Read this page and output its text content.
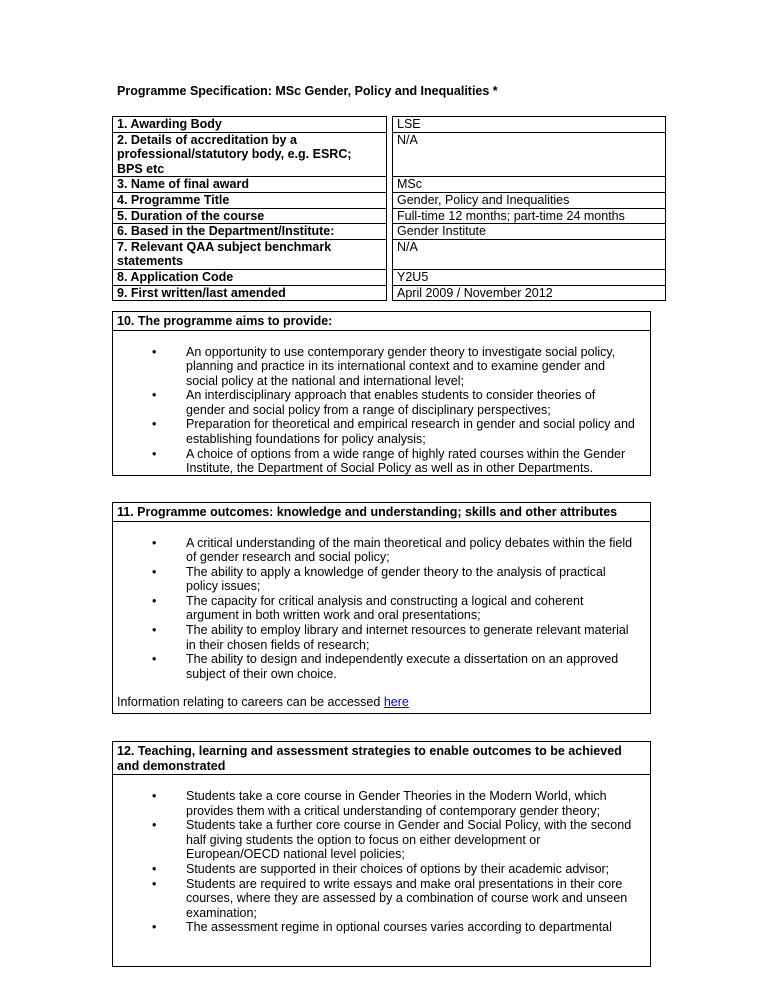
Programme Specification: MSc Gender, Policy and Inequalities *
1. Awarding Body		LSE

2. Details of accreditation by a
professional/statutory body, e.g. ESRC;
BPS etc		N/A

3. Name of final award		MSc

4. Programme Title		Gender, Policy and Inequalities

5. Duration of the course		Full-time 12 months; part-time 24 months

6. Based in the Department/Institute:		Gender Institute

7. Relevant QAA subject benchmark
statements		N/A

8. Application Code		Y2U5

9. First written/last amended		April 2009 / November 2012
10. The programme aims to provide:
• An opportunity to use contemporary gender theory to investigate social policy,
planning and practice in its international context and to examine gender and
social policy at the national and international level;
• An interdisciplinary approach that enables students to consider theories of
gender and social policy from a range of disciplinary perspectives;
• Preparation for theoretical and empirical research in gender and social policy and
establishing foundations for policy analysis;
• A choice of options from a wide range of highly rated courses within the Gender
Institute, the Department of Social Policy as well as in other Departments.
11. Programme outcomes: knowledge and understanding; skills and other attributes
• A critical understanding of the main theoretical and policy debates within the field
of gender research and social policy;
• The ability to apply a knowledge of gender theory to the analysis of practical
policy issues;
• The capacity for critical analysis and constructing a logical and coherent
argument in both written work and oral presentations;
• The ability to employ library and internet resources to generate relevant material
in their chosen fields of research;
• The ability to design and independently execute a dissertation on an approved
subject of their own choice.
Information relating to careers can be accessed here
12. Teaching, learning and assessment strategies to enable outcomes to be achieved
and demonstrated
• Students take a core course in Gender Theories in the Modern World, which
provides them with a critical understanding of contemporary gender theory;
• Students take a further core course in Gender and Social Policy, with the second
half giving students the option to focus on either development or
European/OECD national level policies;
• Students are supported in their choices of options by their academic advisor;
• Students are required to write essays and make oral presentations in their core
courses, where they are assessed by a combination of course work and unseen
examination;
• The assessment regime in optional courses varies according to departmental
